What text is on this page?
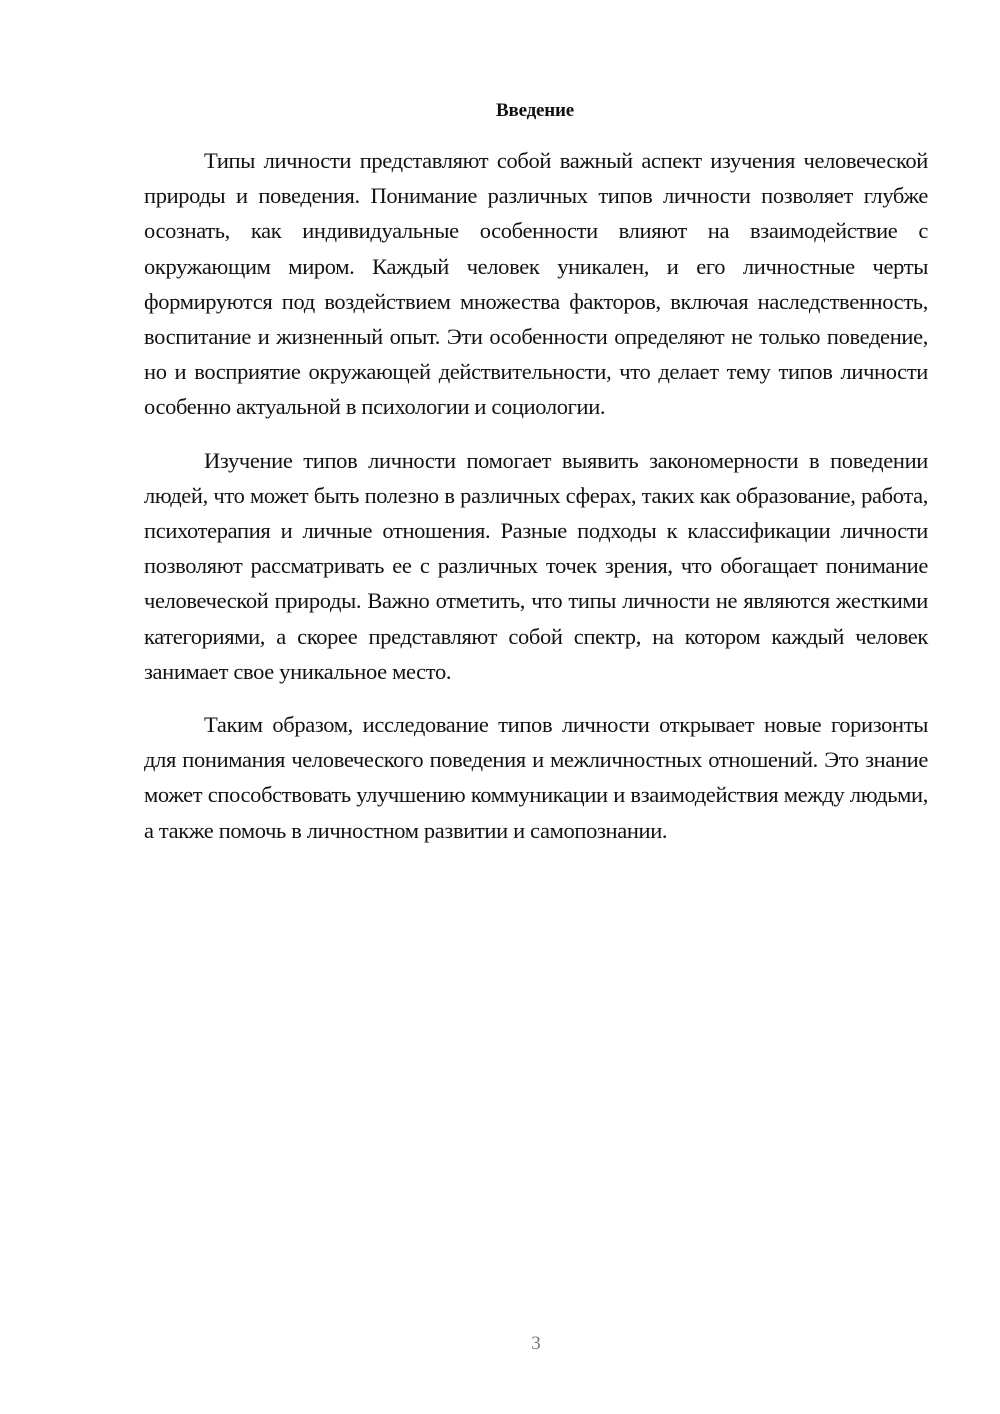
Введение

Типы личности представляют собой важный аспект изучения человеческой природы и поведения. Понимание различных типов личности позволяет глубже осознать, как индивидуальные особенности влияют на взаимодействие с окружающим миром. Каждый человек уникален, и его личностные черты формируются под воздействием множества факторов, включая наследственность, воспитание и жизненный опыт. Эти особенности определяют не только поведение, но и восприятие окружающей действительности, что делает тему типов личности особенно актуальной в психологии и социологии.

Изучение типов личности помогает выявить закономерности в поведении людей, что может быть полезно в различных сферах, таких как образование, работа, психотерапия и личные отношения. Разные подходы к классификации личности позволяют рассматривать ее с различных точек зрения, что обогащает понимание человеческой природы. Важно отметить, что типы личности не являются жесткими категориями, а скорее представляют собой спектр, на котором каждый человек занимает свое уникальное место.

Таким образом, исследование типов личности открывает новые горизонты для понимания человеческого поведения и межличностных отношений. Это знание может способствовать улучшению коммуникации и взаимодействия между людьми, а также помочь в личностном развитии и самопознании.

3
